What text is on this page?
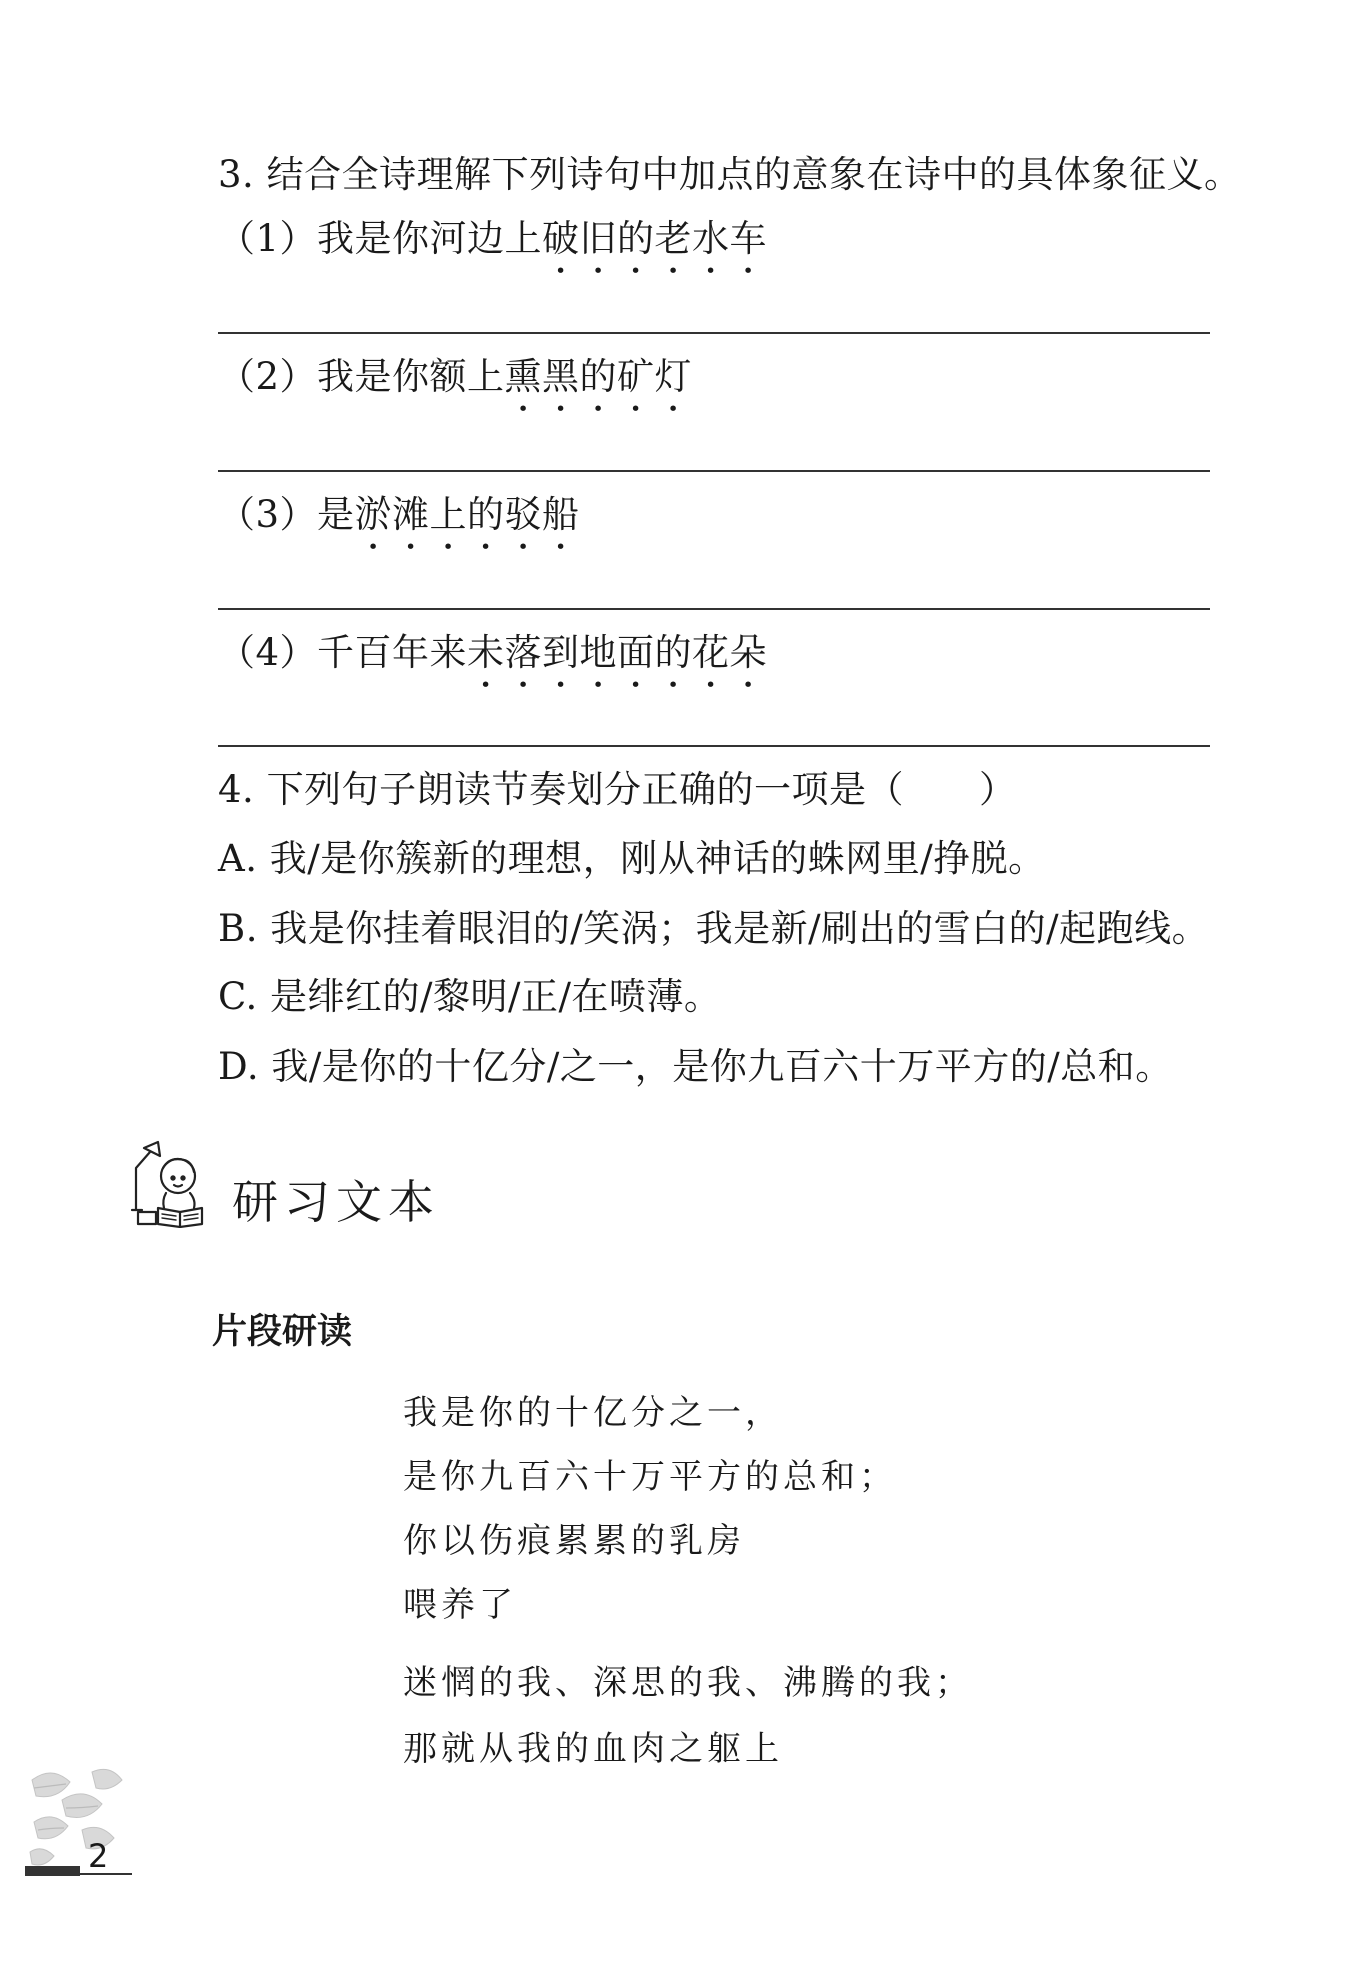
3. 结合全诗理解下列诗句中加点的意象在诗中的具体象征义。
（1）我是你河边上破旧的老水车
（2）我是你额上熏黑的矿灯
（3）是淤滩上的驳船
（4）千百年来未落到地面的花朵
4. 下列句子朗读节奏划分正确的一项是（　　）
A. 我/是你簇新的理想，刚从神话的蛛网里/挣脱。
B. 我是你挂着眼泪的/笑涡；我是新/刷出的雪白的/起跑线。
C. 是绯红的/黎明/正/在喷薄。
D. 我/是你的十亿分/之一，是你九百六十万平方的/总和。
研习文本
片段研读
我是你的十亿分之一，
是你九百六十万平方的总和；
你以伤痕累累的乳房
喂养了
迷惘的我、深思的我、沸腾的我；
那就从我的血肉之躯上
2
